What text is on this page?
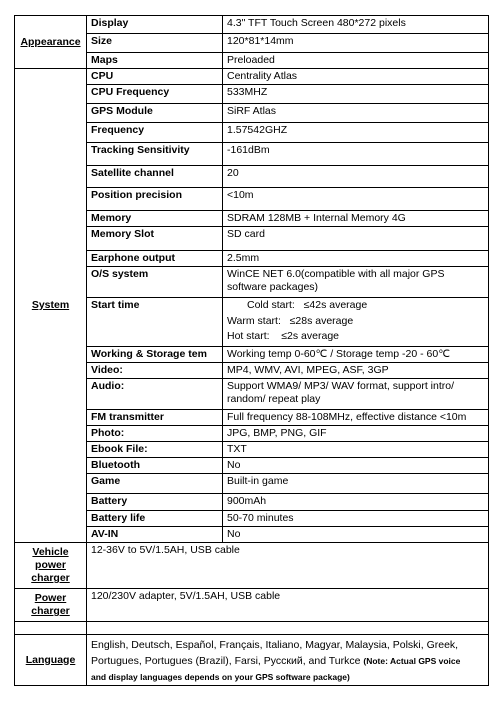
Appearance	Display	4.3" TFT Touch Screen 480*272 pixels
	Size	120*81*14mm
	Maps	Preloaded
System	CPU	Centrality Atlas
	CPU Frequency	533MHZ
	GPS Module	SiRF Atlas
	Frequency	1.57542GHZ
	Tracking Sensitivity	-161dBm
	Satellite channel	20
	Position precision	<10m
	Memory	SDRAM 128MB + Internal Memory 4G
	Memory Slot	SD card
	Earphone output	2.5mm
	O/S system	WinCE NET 6.0(compatible with all major GPS
software packages)
	Start time	Cold start: ≤42s average
Warm start: ≤28s average
Hot start: ≤2s average

	Working & Storage tem	Working temp 0-60℃ / Storage temp -20 - 60℃
	Video:	MP4, WMV, AVI, MPEG, ASF, 3GP
	Audio:	Support WMA9/ MP3/ WAV format, support intro/
random/ repeat play
	FM transmitter	Full frequency 88-108MHz, effective distance <10m
	Photo:	JPG, BMP, PNG, GIF
	Ebook File:	TXT
	Bluetooth	No
	Game	Built-in game
	Battery	900mAh
	Battery life	50-70 minutes
	AV-IN	No
Vehicle
power
charger	12-36V to 5V/1.5AH, USB cable	
Power
charger	120/230V adapter, 5V/1.5AH, USB cable	

Language	English, Deutsch, Español, Français, Italiano, Magyar, Malaysia, Polski, Greek,
Portugues, Portugues (Brazil), Farsi, Русский, and Turkce (Note: Actual GPS voice
and display languages depends on your GPS software package)	
